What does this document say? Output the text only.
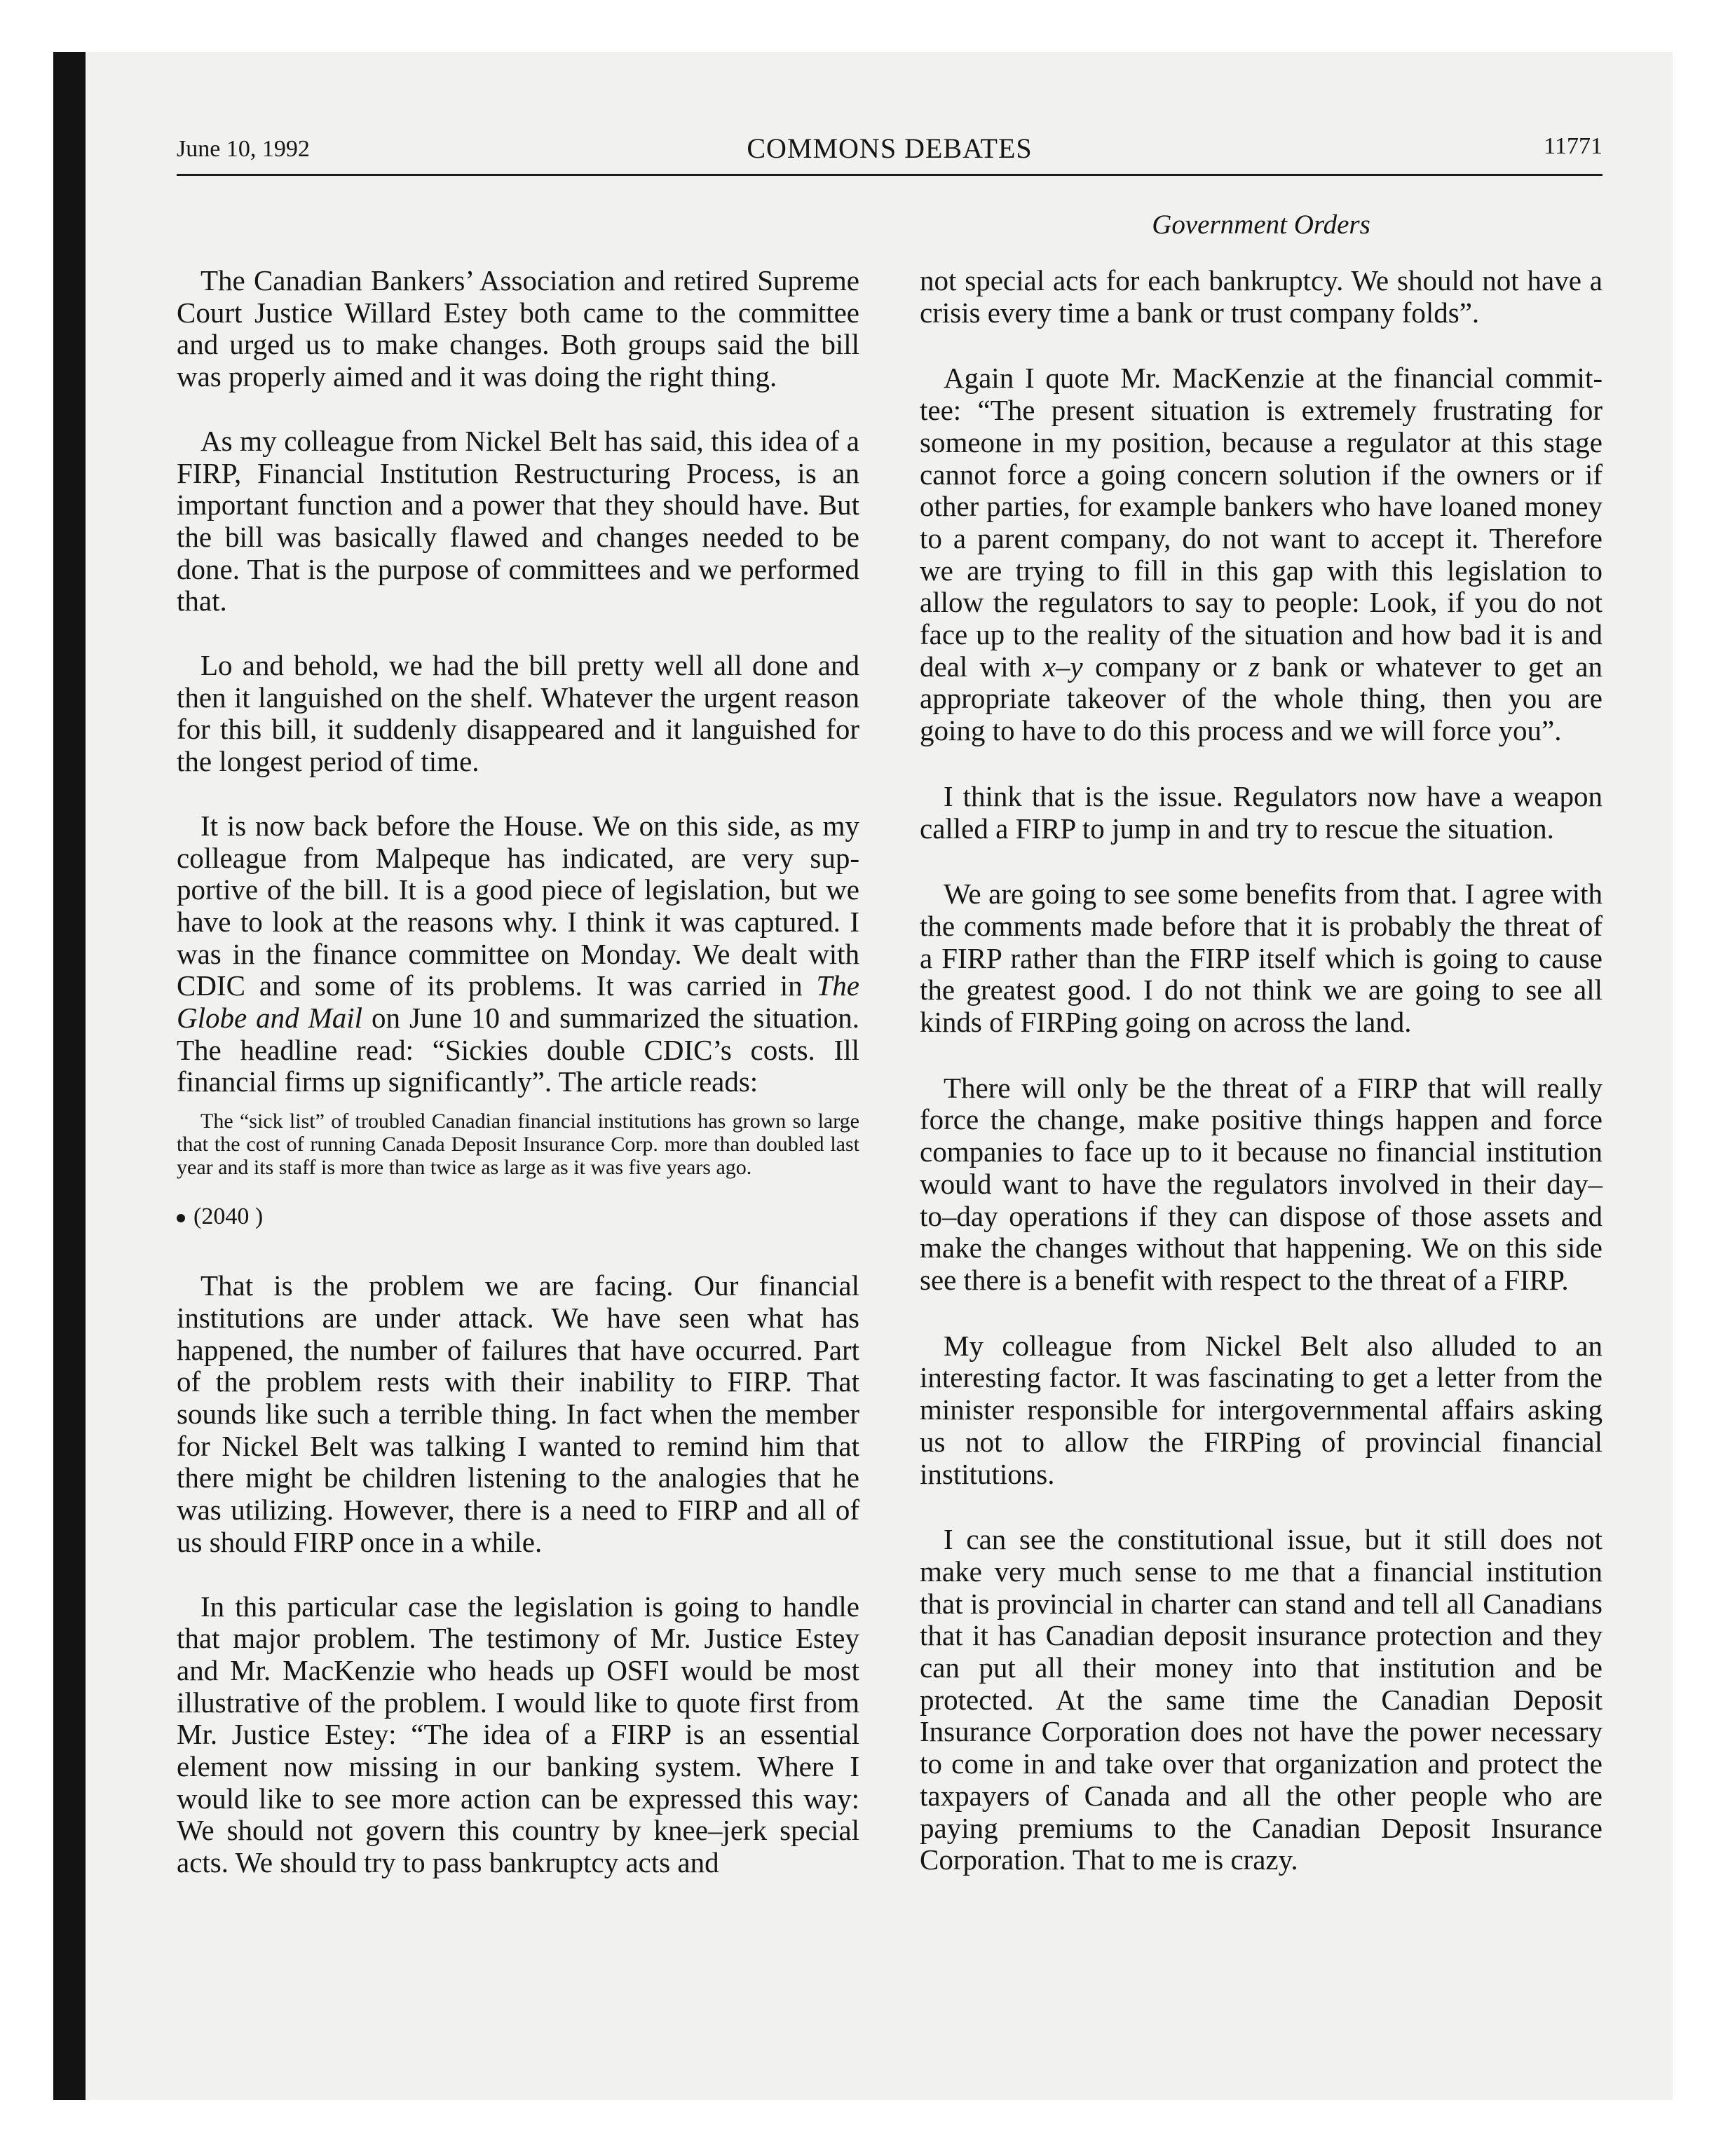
June 10, 1992	COMMONS DEBATES	11771
Government Orders

The Canadian Bankers’ Association and retired Supreme Court Justice Willard Estey both came to the committee and urged us to make changes. Both groups said the bill was properly aimed and it was doing the right thing.

As my colleague from Nickel Belt has said, this idea of a FIRP, Financial Institution Restructuring Process, is an important function and a power that they should have. But the bill was basically flawed and changes needed to be done. That is the purpose of committees and we performed that.

Lo and behold, we had the bill pretty well all done and then it languished on the shelf. Whatever the urgent reason for this bill, it suddenly disappeared and it languished for the longest period of time.

It is now back before the House. We on this side, as my colleague from Malpeque has indicated, are very supportive of the bill. It is a good piece of legislation, but we have to look at the reasons why. I think it was captured. I was in the finance committee on Monday. We dealt with CDIC and some of its problems. It was carried in The Globe and Mail on June 10 and summarized the situation. The headline read: “Sickies double CDIC’s costs. Ill financial firms up significantly”. The article reads:

The “sick list” of troubled Canadian financial institutions has grown so large that the cost of running Canada Deposit Insurance Corp. more than doubled last year and its staff is more than twice as large as it was five years ago.
(2040 )

That is the problem we are facing. Our financial institutions are under attack. We have seen what has happened, the number of failures that have occurred. Part of the problem rests with their inability to FIRP. That sounds like such a terrible thing. In fact when the member for Nickel Belt was talking I wanted to remind him that there might be children listening to the analogies that he was utilizing. However, there is a need to FIRP and all of us should FIRP once in a while.

In this particular case the legislation is going to handle that major problem. The testimony of Mr. Justice Estey and Mr. MacKenzie who heads up OSFI would be most illustrative of the problem. I would like to quote first from Mr. Justice Estey: “The idea of a FIRP is an essential element now missing in our banking system. Where I would like to see more action can be expressed this way: We should not govern this country by knee–jerk special acts. We should try to pass bankruptcy acts and

not special acts for each bankruptcy. We should not have a crisis every time a bank or trust company folds”.

Again I quote Mr. MacKenzie at the financial committee: “The present situation is extremely frustrating for someone in my position, because a regulator at this stage cannot force a going concern solution if the owners or if other parties, for example bankers who have loaned money to a parent company, do not want to accept it. Therefore we are trying to fill in this gap with this legislation to allow the regulators to say to people: Look, if you do not face up to the reality of the situation and how bad it is and deal with x–y company or z bank or whatever to get an appropriate takeover of the whole thing, then you are going to have to do this process and we will force you”.

I think that is the issue. Regulators now have a weapon called a FIRP to jump in and try to rescue the situation.

We are going to see some benefits from that. I agree with the comments made before that it is probably the threat of a FIRP rather than the FIRP itself which is going to cause the greatest good. I do not think we are going to see all kinds of FIRPing going on across the land.

There will only be the threat of a FIRP that will really force the change, make positive things happen and force companies to face up to it because no financial institution would want to have the regulators involved in their day–to–day operations if they can dispose of those assets and make the changes without that happening. We on this side see there is a benefit with respect to the threat of a FIRP.

My colleague from Nickel Belt also alluded to an interesting factor. It was fascinating to get a letter from the minister responsible for intergovernmental affairs asking us not to allow the FIRPing of provincial financial institutions.

I can see the constitutional issue, but it still does not make very much sense to me that a financial institution that is provincial in charter can stand and tell all Canadians that it has Canadian deposit insurance protection and they can put all their money into that institution and be protected. At the same time the Canadian Deposit Insurance Corporation does not have the power necessary to come in and take over that organization and protect the taxpayers of Canada and all the other people who are paying premiums to the Canadian Deposit Insurance Corporation. That to me is crazy.
